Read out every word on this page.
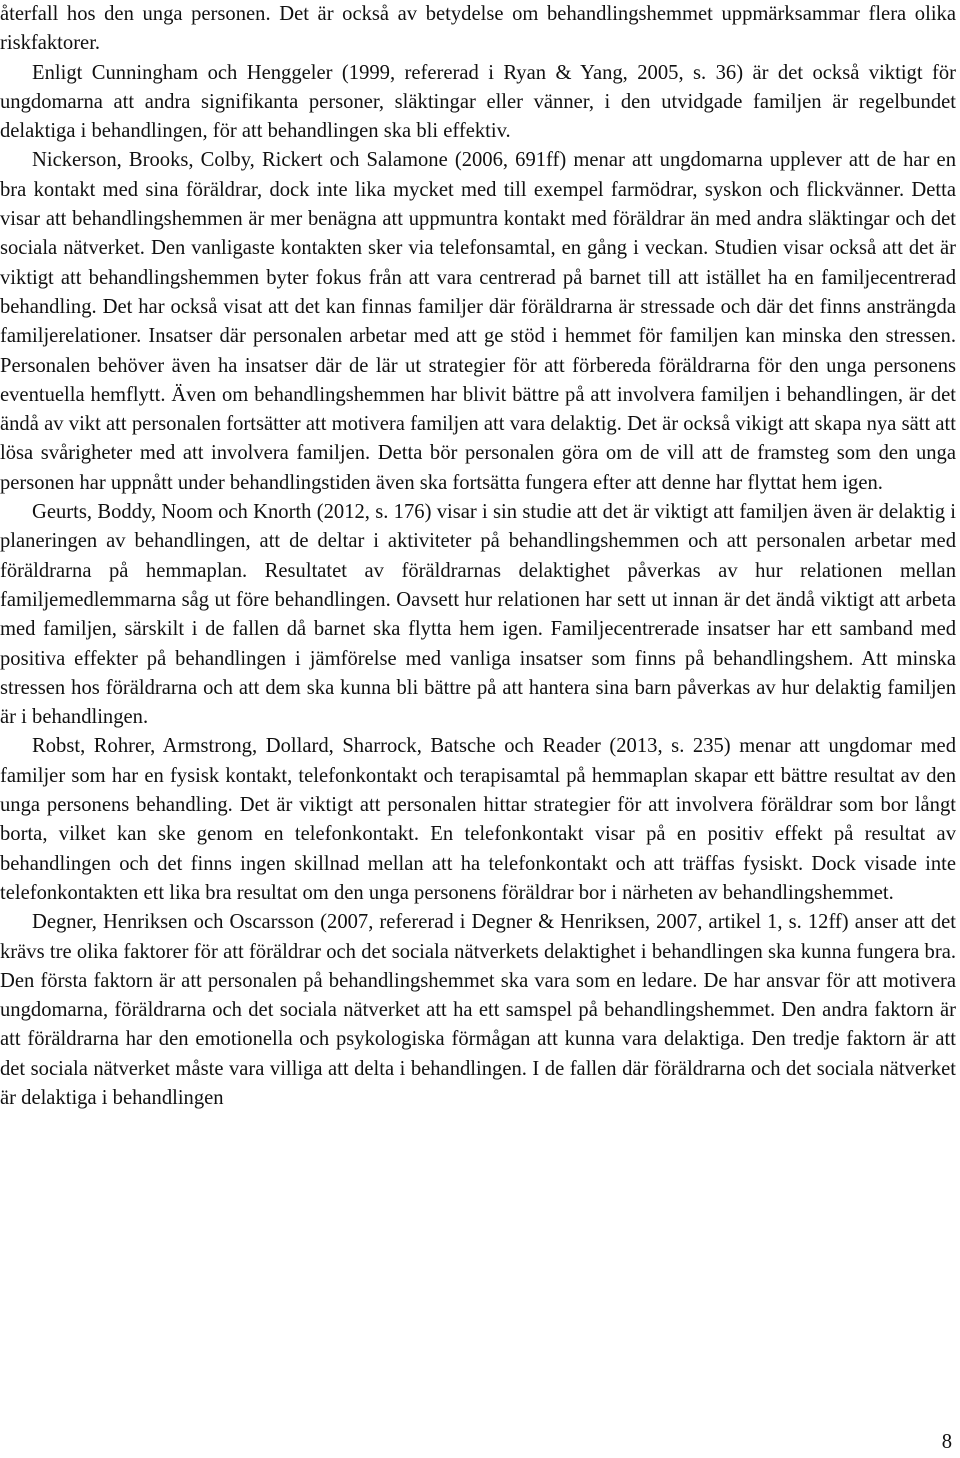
återfall hos den unga personen. Det är också av betydelse om behandlingshemmet uppmärksammar flera olika riskfaktorer.

Enligt Cunningham och Henggeler (1999, refererad i Ryan & Yang, 2005, s. 36) är det också viktigt för ungdomarna att andra signifikanta personer, släktingar eller vänner, i den utvidgade familjen är regelbundet delaktiga i behandlingen, för att behandlingen ska bli effektiv.

Nickerson, Brooks, Colby, Rickert och Salamone (2006, 691ff) menar att ungdomarna upplever att de har en bra kontakt med sina föräldrar, dock inte lika mycket med till exempel farmödrar, syskon och flickvänner. Detta visar att behandlingshemmen är mer benägna att uppmuntra kontakt med föräldrar än med andra släktingar och det sociala nätverket. Den vanligaste kontakten sker via telefonsamtal, en gång i veckan. Studien visar också att det är viktigt att behandlingshemmen byter fokus från att vara centrerad på barnet till att istället ha en familjecentrerad behandling. Det har också visat att det kan finnas familjer där föräldrarna är stressade och där det finns ansträngda familjerelationer. Insatser där personalen arbetar med att ge stöd i hemmet för familjen kan minska den stressen. Personalen behöver även ha insatser där de lär ut strategier för att förbereda föräldrarna för den unga personens eventuella hemflytt. Även om behandlingshemmen har blivit bättre på att involvera familjen i behandlingen, är det ändå av vikt att personalen fortsätter att motivera familjen att vara delaktig. Det är också vikigt att skapa nya sätt att lösa svårigheter med att involvera familjen. Detta bör personalen göra om de vill att de framsteg som den unga personen har uppnått under behandlingstiden även ska fortsätta fungera efter att denne har flyttat hem igen.

Geurts, Boddy, Noom och Knorth (2012, s. 176) visar i sin studie att det är viktigt att familjen även är delaktig i planeringen av behandlingen, att de deltar i aktiviteter på behandlingshemmen och att personalen arbetar med föräldrarna på hemmaplan. Resultatet av föräldrarnas delaktighet påverkas av hur relationen mellan familjemedlemmarna såg ut före behandlingen. Oavsett hur relationen har sett ut innan är det ändå viktigt att arbeta med familjen, särskilt i de fallen då barnet ska flytta hem igen. Familjecentrerade insatser har ett samband med positiva effekter på behandlingen i jämförelse med vanliga insatser som finns på behandlingshem. Att minska stressen hos föräldrarna och att dem ska kunna bli bättre på att hantera sina barn påverkas av hur delaktig familjen är i behandlingen.

Robst, Rohrer, Armstrong, Dollard, Sharrock, Batsche och Reader (2013, s. 235) menar att ungdomar med familjer som har en fysisk kontakt, telefonkontakt och terapisamtal på hemmaplan skapar ett bättre resultat av den unga personens behandling. Det är viktigt att personalen hittar strategier för att involvera föräldrar som bor långt borta, vilket kan ske genom en telefonkontakt. En telefonkontakt visar på en positiv effekt på resultat av behandlingen och det finns ingen skillnad mellan att ha telefonkontakt och att träffas fysiskt. Dock visade inte telefonkontakten ett lika bra resultat om den unga personens föräldrar bor i närheten av behandlingshemmet.

Degner, Henriksen och Oscarsson (2007, refererad i Degner & Henriksen, 2007, artikel 1, s. 12ff) anser att det krävs tre olika faktorer för att föräldrar och det sociala nätverkets delaktighet i behandlingen ska kunna fungera bra. Den första faktorn är att personalen på behandlingshemmet ska vara som en ledare. De har ansvar för att motivera ungdomarna, föräldrarna och det sociala nätverket att ha ett samspel på behandlingshemmet. Den andra faktorn är att föräldrarna har den emotionella och psykologiska förmågan att kunna vara delaktiga. Den tredje faktorn är att det sociala nätverket måste vara villiga att delta i behandlingen. I de fallen där föräldrarna och det sociala nätverket är delaktiga i behandlingen

8
